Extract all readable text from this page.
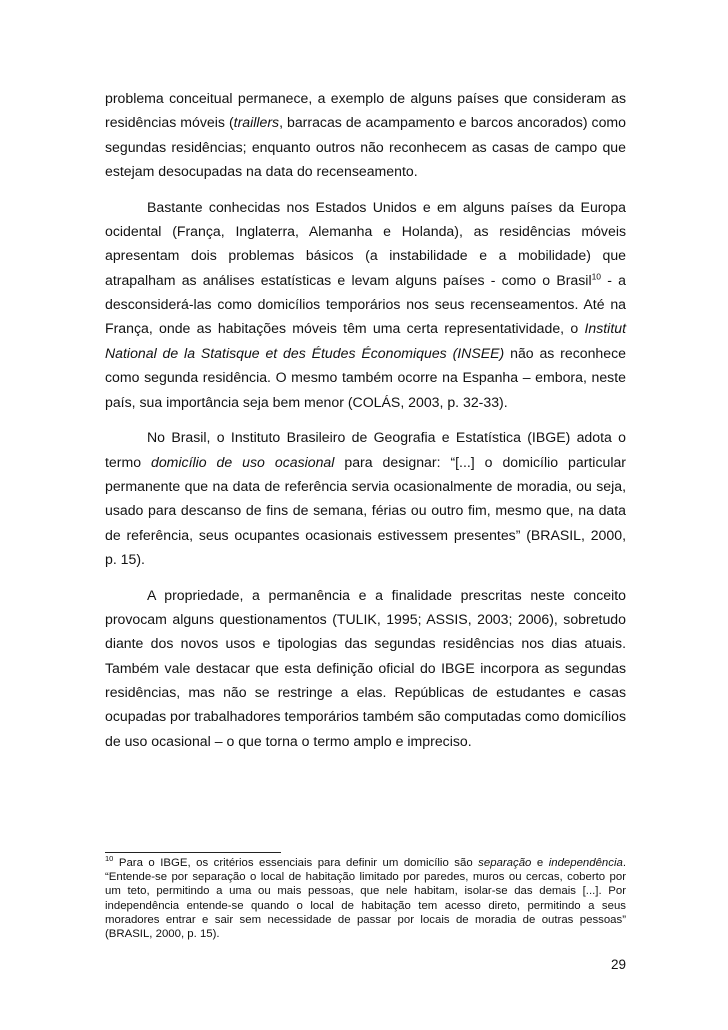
problema conceitual permanece, a exemplo de alguns países que consideram as residências móveis (traillers, barracas de acampamento e barcos ancorados) como segundas residências; enquanto outros não reconhecem as casas de campo que estejam desocupadas na data do recenseamento.

Bastante conhecidas nos Estados Unidos e em alguns países da Europa ocidental (França, Inglaterra, Alemanha e Holanda), as residências móveis apresentam dois problemas básicos (a instabilidade e a mobilidade) que atrapalham as análises estatísticas e levam alguns países - como o Brasil$^{10}$ - a desconsiderá-las como domicílios temporários nos seus recenseamentos. Até na França, onde as habitações móveis têm uma certa representatividade, o Institut National de la Statisque et des Études Économiques (INSEE) não as reconhece como segunda residência. O mesmo também ocorre na Espanha – embora, neste país, sua importância seja bem menor (COLÁS, 2003, p. 32-33).

No Brasil, o Instituto Brasileiro de Geografia e Estatística (IBGE) adota o termo domicílio de uso ocasional para designar: “[...] o domicílio particular permanente que na data de referência servia ocasionalmente de moradia, ou seja, usado para descanso de fins de semana, férias ou outro fim, mesmo que, na data de referência, seus ocupantes ocasionais estivessem presentes” (BRASIL, 2000, p. 15).

A propriedade, a permanência e a finalidade prescritas neste conceito provocam alguns questionamentos (TULIK, 1995; ASSIS, 2003; 2006), sobretudo diante dos novos usos e tipologias das segundas residências nos dias atuais. Também vale destacar que esta definição oficial do IBGE incorpora as segundas residências, mas não se restringe a elas. Repúblicas de estudantes e casas ocupadas por trabalhadores temporários também são computadas como domicílios de uso ocasional – o que torna o termo amplo e impreciso.

$^{10}$ Para o IBGE, os critérios essenciais para definir um domicílio são separação e independência. “Entende-se por separação o local de habitação limitado por paredes, muros ou cercas, coberto por um teto, permitindo a uma ou mais pessoas, que nele habitam, isolar-se das demais [...]. Por independência entende-se quando o local de habitação tem acesso direto, permitindo a seus moradores entrar e sair sem necessidade de passar por locais de moradia de outras pessoas” (BRASIL, 2000, p. 15).

29
